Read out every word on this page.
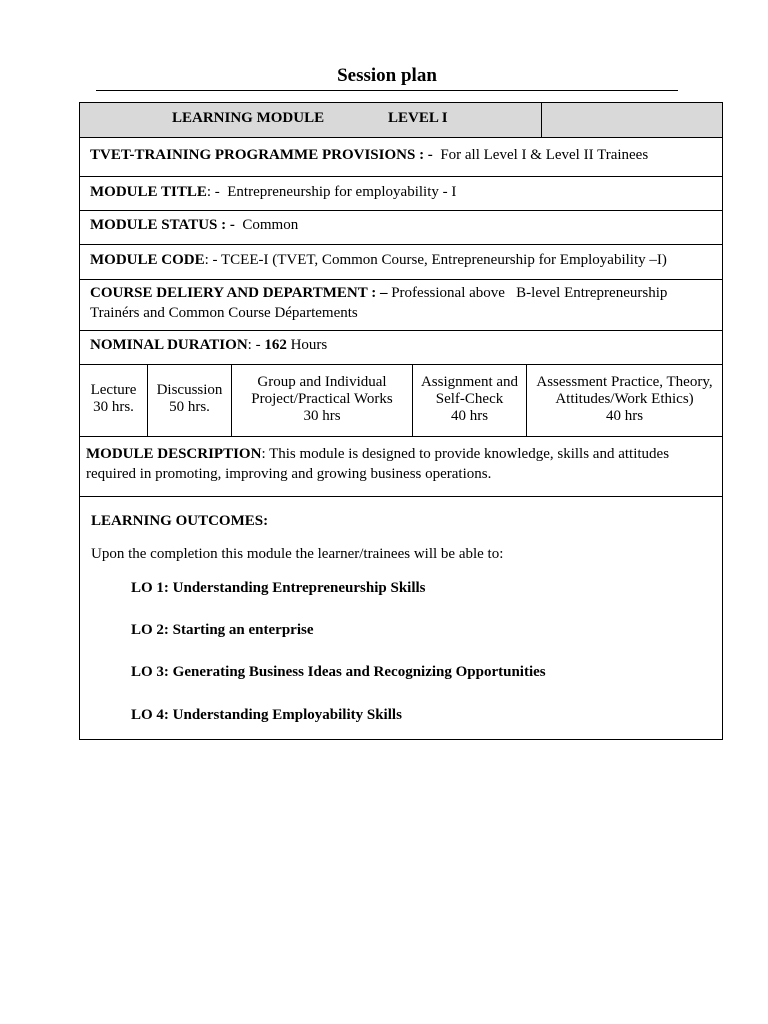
Session plan
LEARNING MODULE	LEVEL I
TVET-TRAINING PROGRAMME PROVISIONS : - For all Level I & Level II Trainees
MODULE TITLE: - Entrepreneurship for employability - I
MODULE STATUS : - Common
MODULE CODE: - TCEE-I (TVET, Common Course, Entrepreneurship for Employability –I)
COURSE DELIERY AND DEPARTMENT : – Professional above   B-level Entrepreneurship
Trainérs and Common Course Départements
NOMINAL DURATION: - 162 Hours
Lecture
30 hrs.
Discussion
50 hrs.
Group and Individual
Project/Practical Works
30 hrs
Assignment and
Self-Check
40 hrs
Assessment Practice, Theory,
Attitudes/Work Ethics)
40 hrs
MODULE DESCRIPTION: This module is designed to provide knowledge, skills and attitudes
required in promoting, improving and growing business operations.
LEARNING OUTCOMES:
Upon the completion this module the learner/trainees will be able to:
LO 1: Understanding Entrepreneurship Skills
LO 2: Starting an enterprise
LO 3: Generating Business Ideas and Recognizing Opportunities
LO 4: Understanding Employability Skills
